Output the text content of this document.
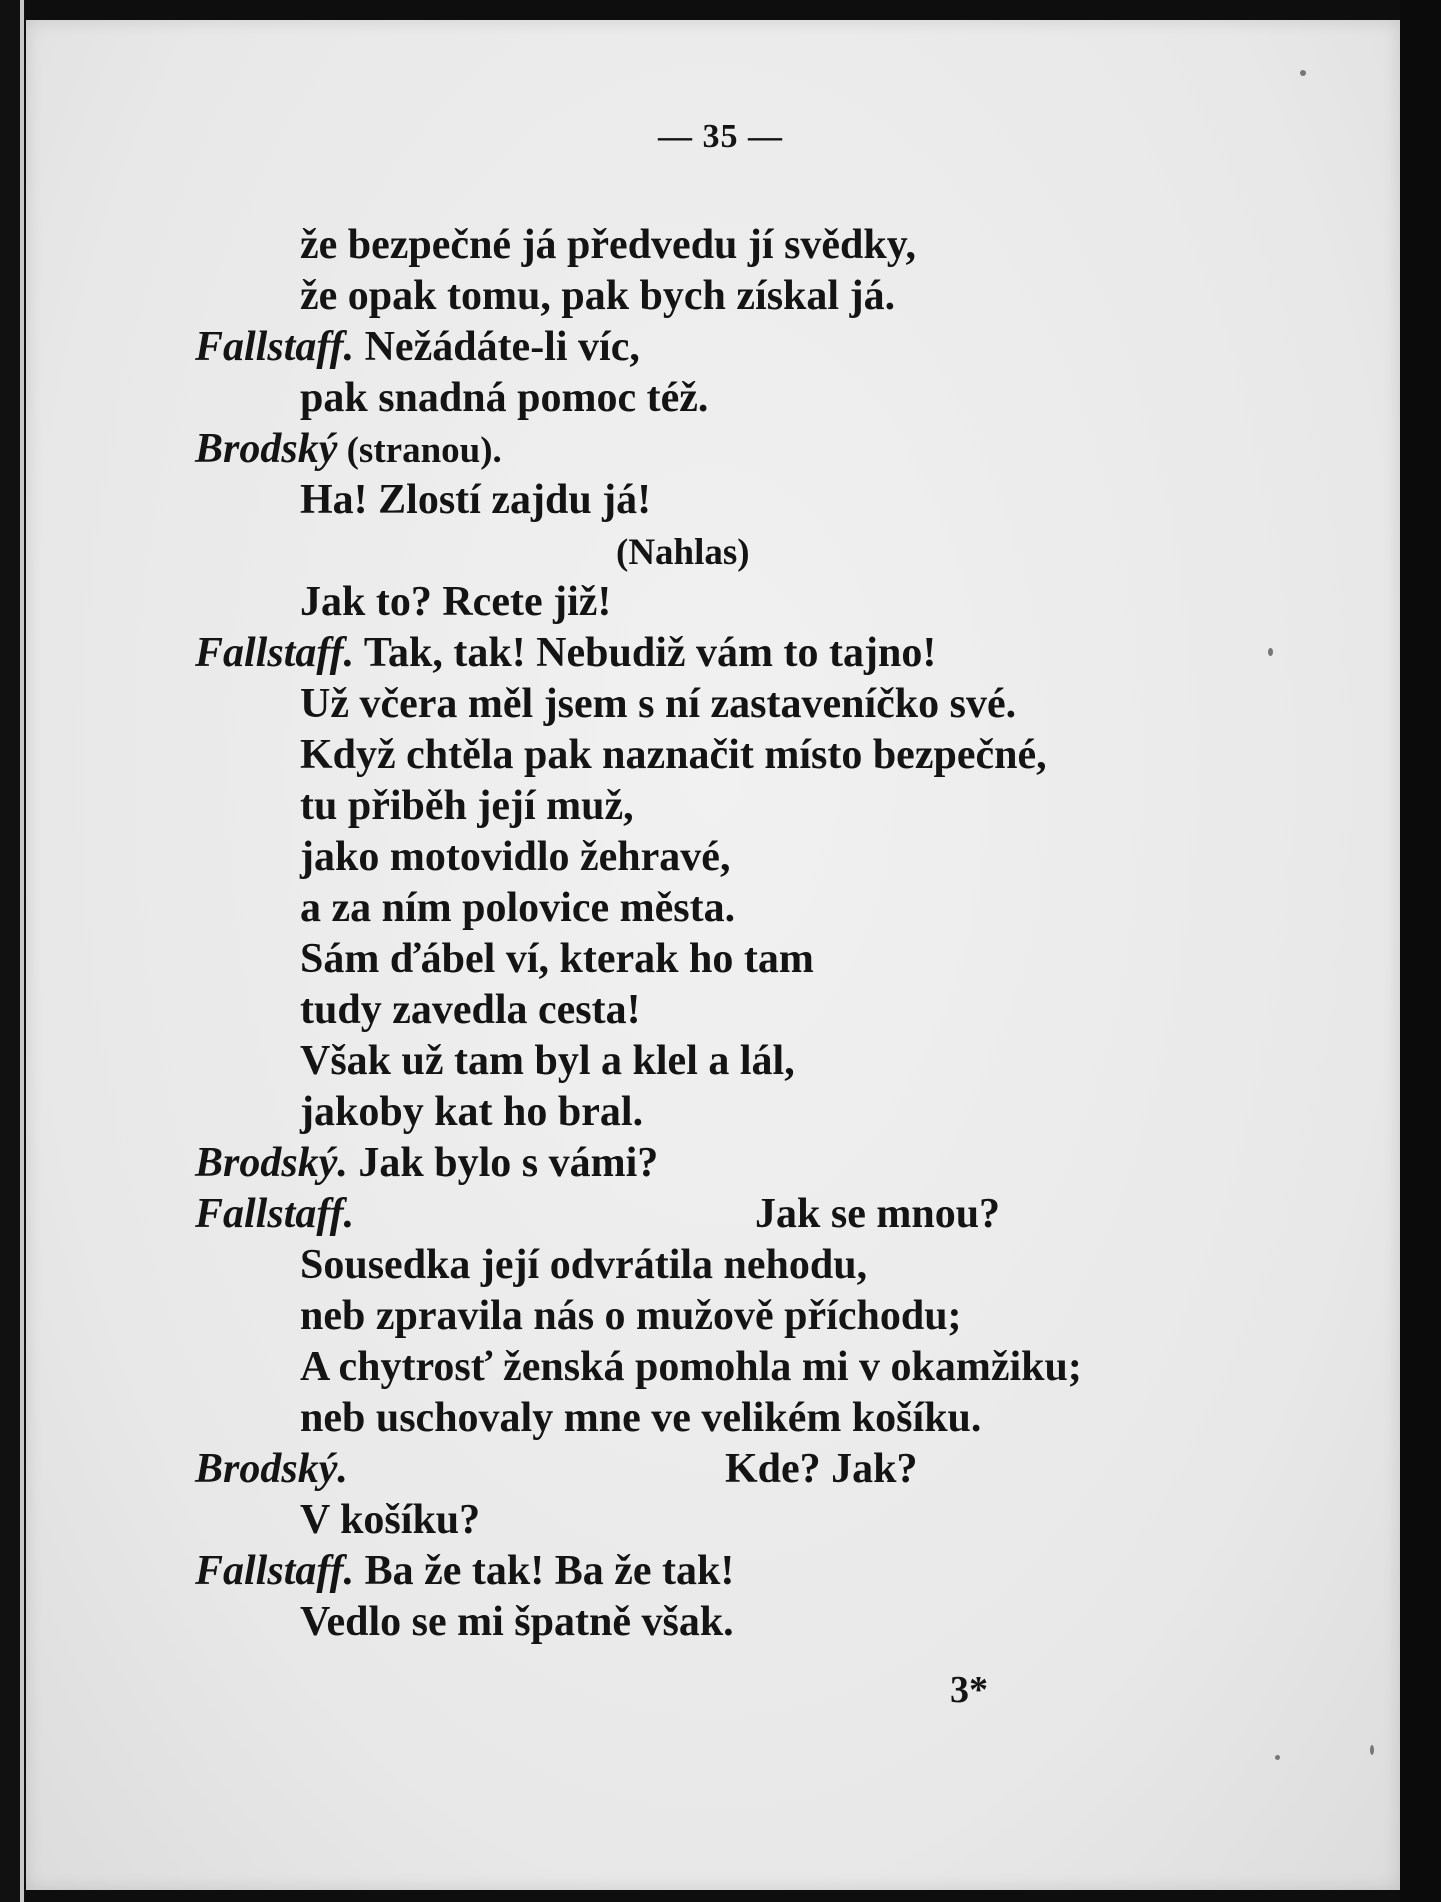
— 35 —
že bezpečné já předvedu jí svědky,
že opak tomu, pak bych získal já.
Fallstaff. Nežádáte-li víc,
pak snadná pomoc též.
Brodský (stranou).
Ha! Zlostí zajdu já!
(Nahlas)
Jak to? Rcete již!
Fallstaff. Tak, tak! Nebudiž vám to tajno!
Už včera měl jsem s ní zastaveníčko své.
Když chtěla pak naznačit místo bezpečné,
tu přiběh její muž,
jako motovidlo žehravé,
a za ním polovice města.
Sám ďábel ví, kterak ho tam
tudy zavedla cesta!
Však už tam byl a klel a lál,
jakoby kat ho bral.
Brodský. Jak bylo s vámi?
Fallstaff.	Jak se mnou?
Sousedka její odvrátila nehodu,
neb zpravila nás o mužově příchodu;
A chytrosť ženská pomohla mi v okamžiku;
neb uschovaly mne ve velikém košíku.
Brodský.	Kde? Jak?
V košíku?
Fallstaff. Ba že tak! Ba že tak!
Vedlo se mi špatně však.
3*
